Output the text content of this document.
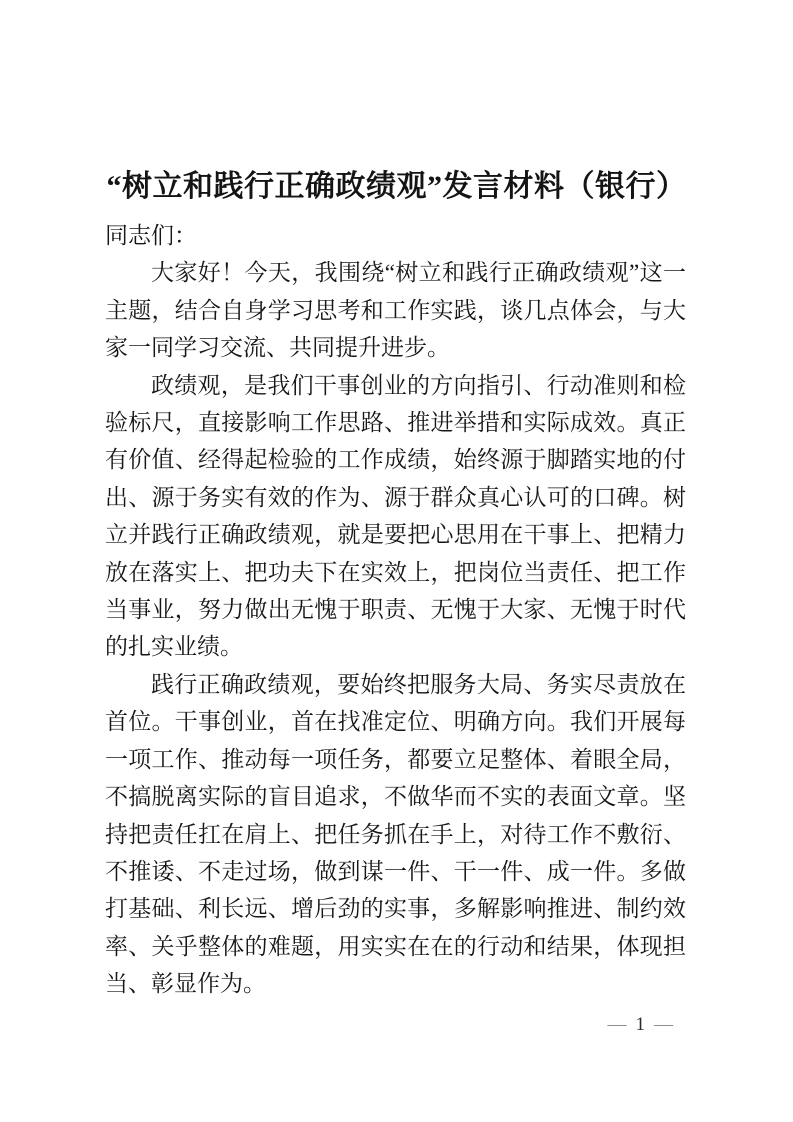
“树立和践行正确政绩观”发言材料（银行）

同志们：

大家好！今天，我围绕“树立和践行正确政绩观”这一主题，结合自身学习思考和工作实践，谈几点体会，与大家一同学习交流、共同提升进步。

政绩观，是我们干事创业的方向指引、行动准则和检验标尺，直接影响工作思路、推进举措和实际成效。真正有价值、经得起检验的工作成绩，始终源于脚踏实地的付出、源于务实有效的作为、源于群众真心认可的口碑。树立并践行正确政绩观，就是要把心思用在干事上、把精力放在落实上、把功夫下在实效上，把岗位当责任、把工作当事业，努力做出无愧于职责、无愧于大家、无愧于时代的扎实业绩。

践行正确政绩观，要始终把服务大局、务实尽责放在首位。干事创业，首在找准定位、明确方向。我们开展每一项工作、推动每一项任务，都要立足整体、着眼全局，不搞脱离实际的盲目追求，不做华而不实的表面文章。坚持把责任扛在肩上、把任务抓在手上，对待工作不敷衍、不推诿、不走过场，做到谋一件、干一件、成一件。多做打基础、利长远、增后劲的实事，多解影响推进、制约效率、关乎整体的难题，用实实在在的行动和结果，体现担当、彰显作为。

— 1 —
